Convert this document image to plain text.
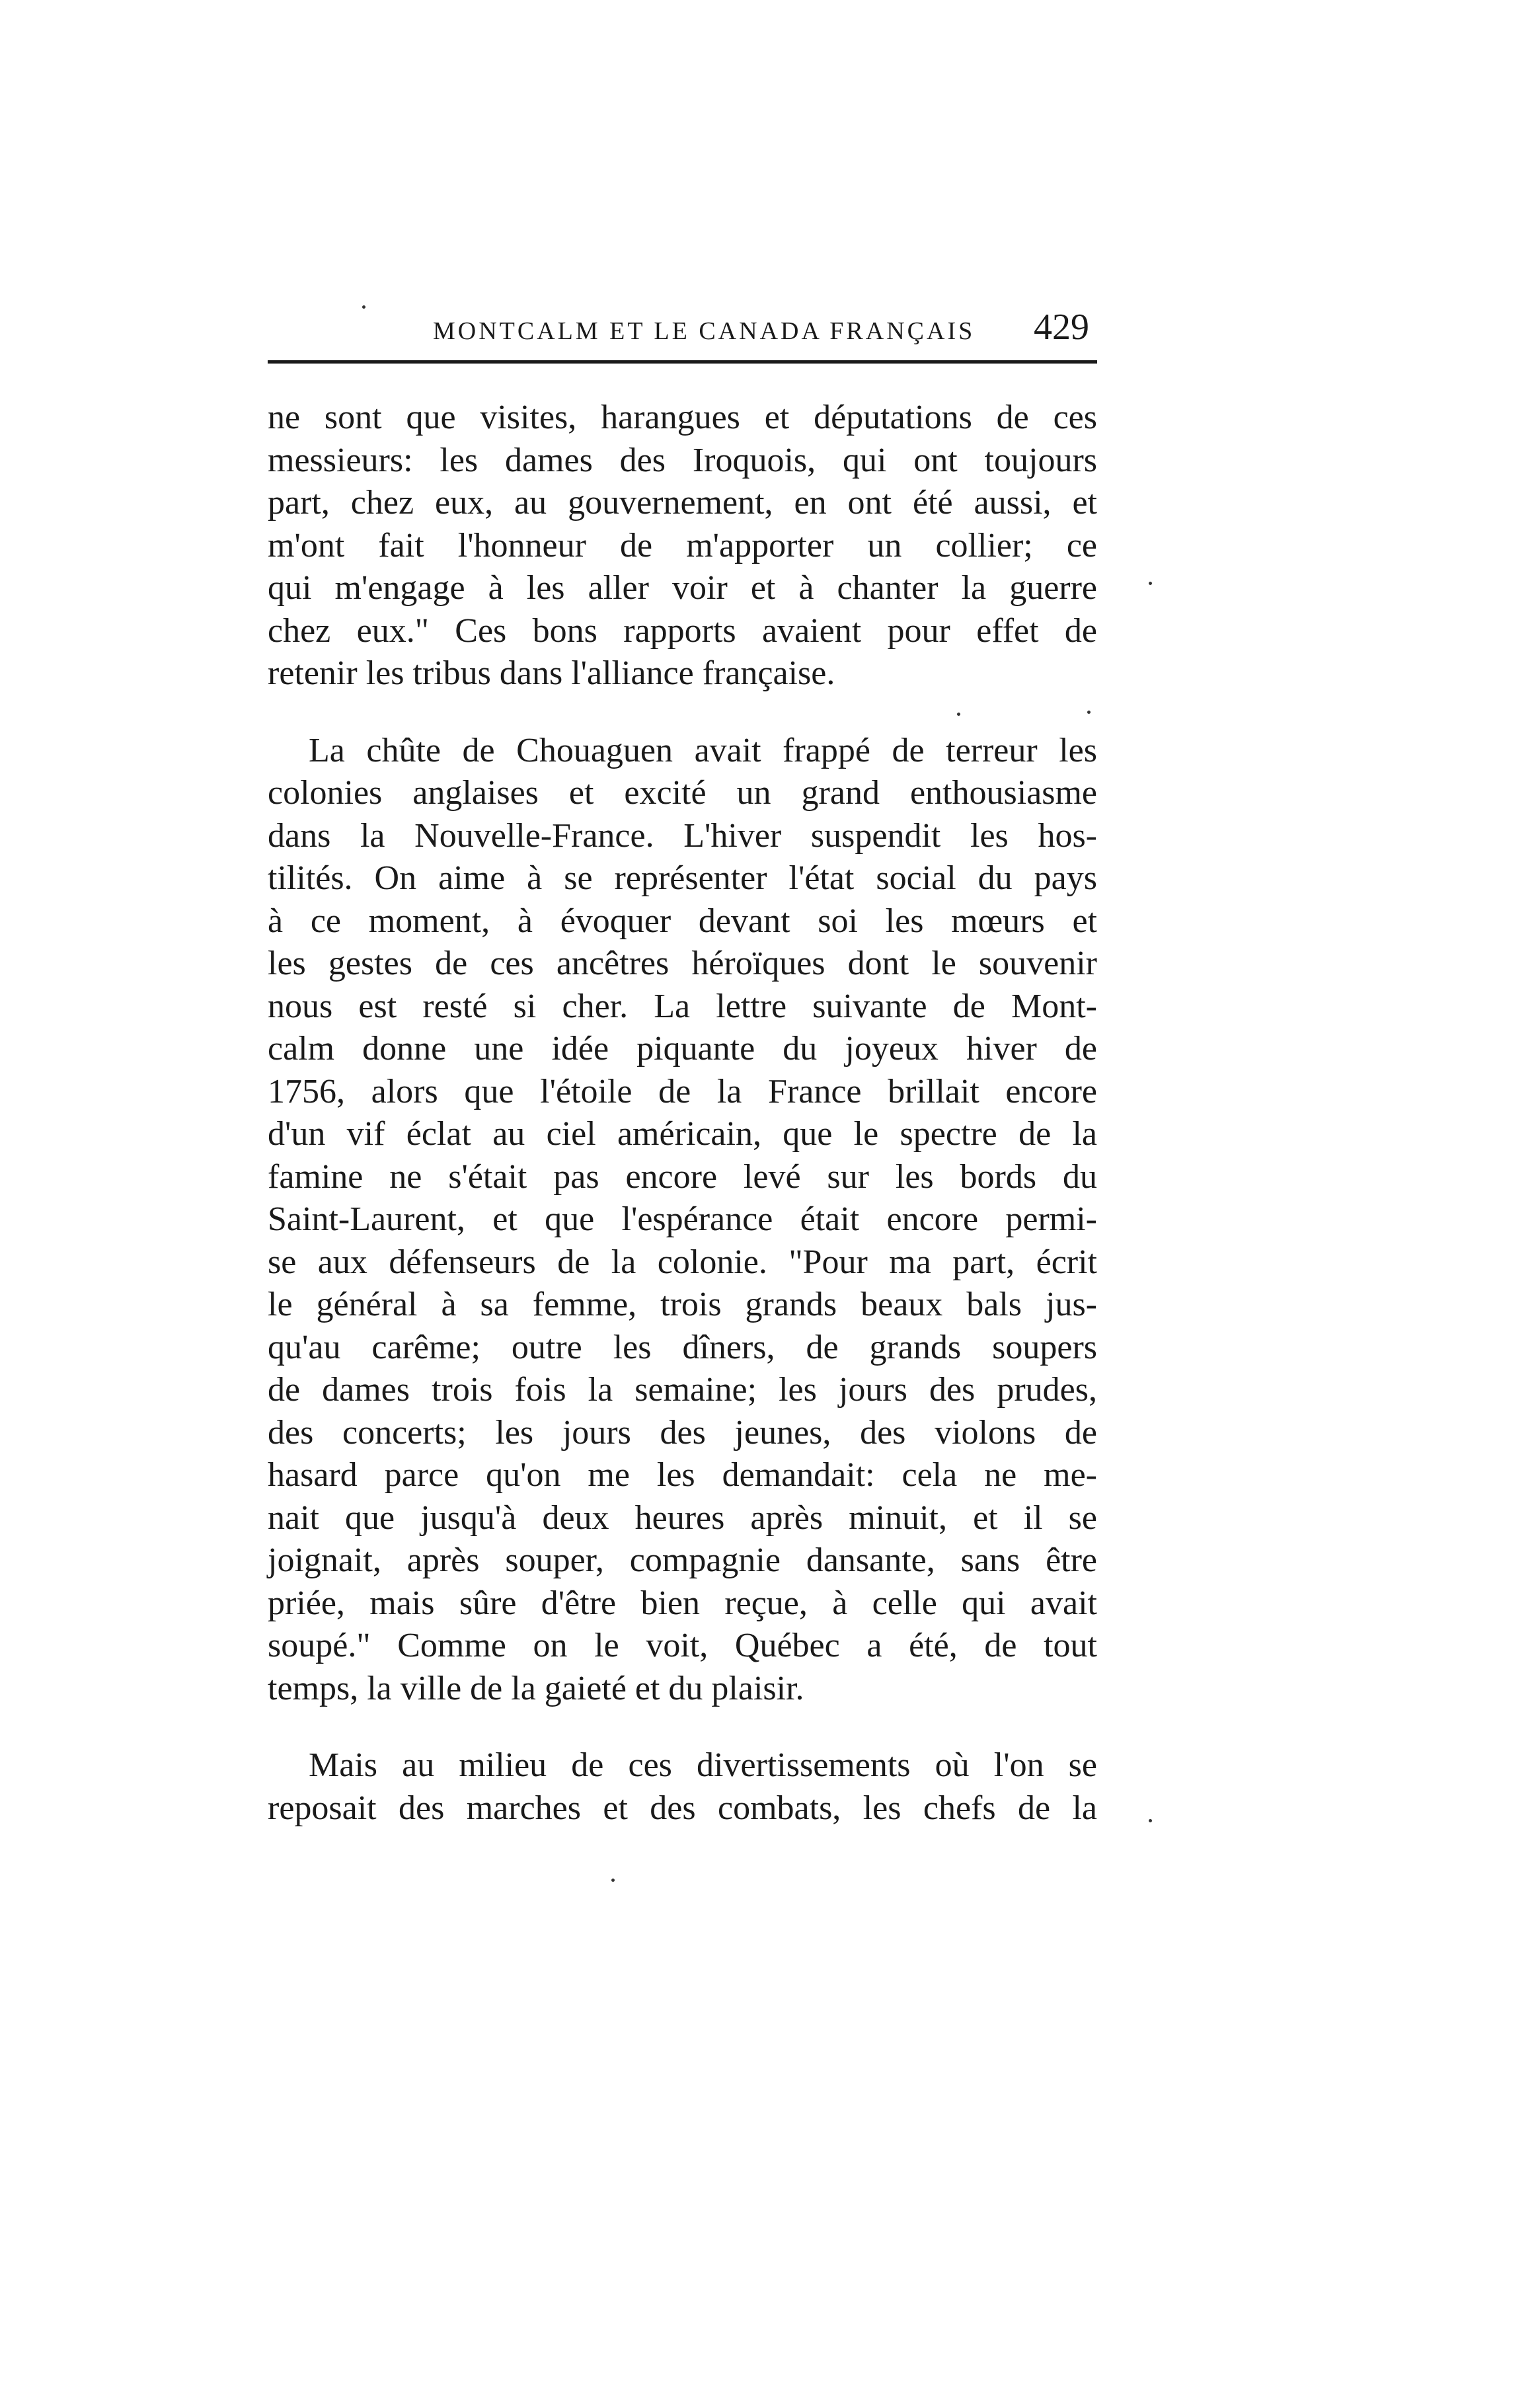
MONTCALM ET LE CANADA FRANÇAIS 429

ne sont que visites, harangues et députations de ces
messieurs: les dames des Iroquois, qui ont toujours
part, chez eux, au gouvernement, en ont été aussi, et
m'ont fait l'honneur de m'apporter un collier; ce
qui m'engage à les aller voir et à chanter la guerre
chez eux." Ces bons rapports avaient pour effet de
retenir les tribus dans l'alliance française.

La chûte de Chouaguen avait frappé de terreur les
colonies anglaises et excité un grand enthousiasme
dans la Nouvelle-France. L'hiver suspendit les hos-
tilités. On aime à se représenter l'état social du pays
à ce moment, à évoquer devant soi les mœurs et
les gestes de ces ancêtres héroïques dont le souvenir
nous est resté si cher. La lettre suivante de Mont-
calm donne une idée piquante du joyeux hiver de
1756, alors que l'étoile de la France brillait encore
d'un vif éclat au ciel américain, que le spectre de la
famine ne s'était pas encore levé sur les bords du
Saint-Laurent, et que l'espérance était encore permi-
se aux défenseurs de la colonie. "Pour ma part, écrit
le général à sa femme, trois grands beaux bals jus-
qu'au carême; outre les dîners, de grands soupers
de dames trois fois la semaine; les jours des prudes,
des concerts; les jours des jeunes, des violons de
hasard parce qu'on me les demandait: cela ne me-
nait que jusqu'à deux heures après minuit, et il se
joignait, après souper, compagnie dansante, sans être
priée, mais sûre d'être bien reçue, à celle qui avait
soupé." Comme on le voit, Québec a été, de tout
temps, la ville de la gaieté et du plaisir.

Mais au milieu de ces divertissements où l'on se
reposait des marches et des combats, les chefs de la
